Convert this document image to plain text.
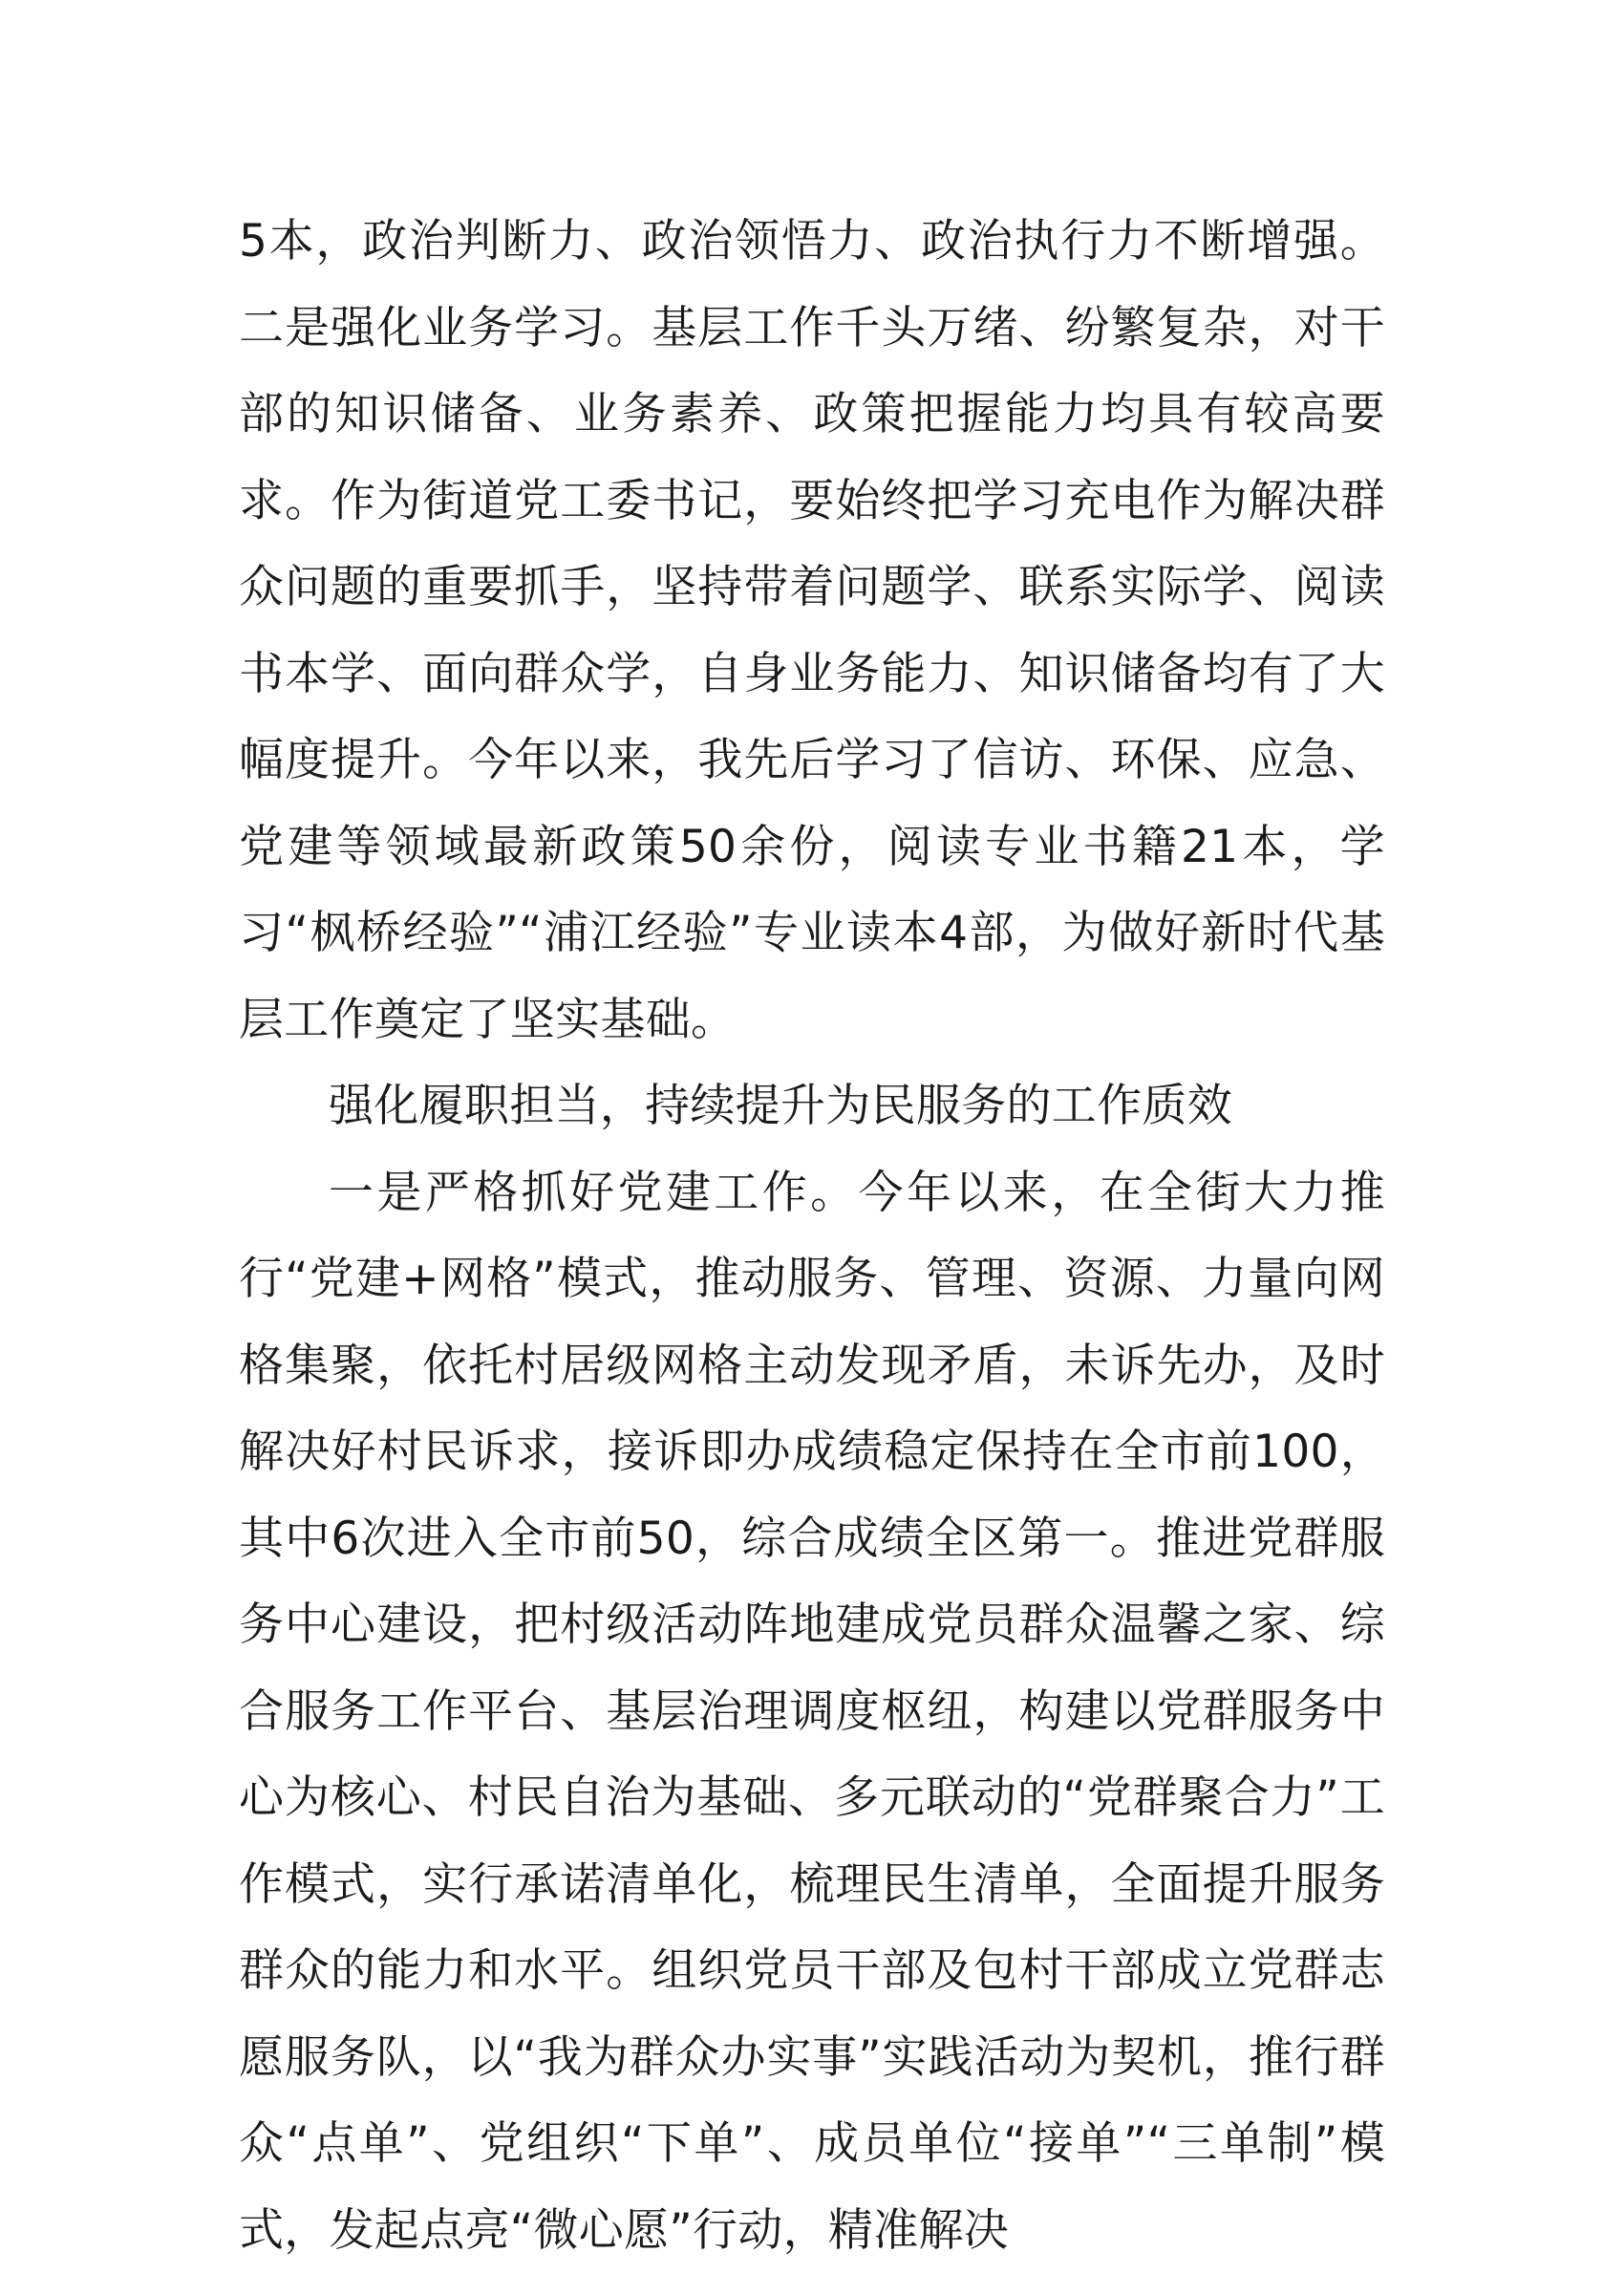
5本，政治判断力、政治领悟力、政治执行力不断增强。二是强化业务学习。基层工作千头万绪、纷繁复杂，对干部的知识储备、业务素养、政策把握能力均具有较高要求。作为街道党工委书记，要始终把学习充电作为解决群众问题的重要抓手，坚持带着问题学、联系实际学、阅读书本学、面向群众学，自身业务能力、知识储备均有了大幅度提升。今年以来，我先后学习了信访、环保、应急、党建等领域最新政策50余份，阅读专业书籍21本，学习“枫桥经验”“浦江经验”专业读本4部，为做好新时代基层工作奠定了坚实基础。

强化履职担当，持续提升为民服务的工作质效

一是严格抓好党建工作。今年以来，在全街大力推行“党建+网格”模式，推动服务、管理、资源、力量向网格集聚，依托村居级网格主动发现矛盾，未诉先办，及时解决好村民诉求，接诉即办成绩稳定保持在全市前100，其中6次进入全市前50，综合成绩全区第一。推进党群服务中心建设，把村级活动阵地建成党员群众温馨之家、综合服务工作平台、基层治理调度枢纽，构建以党群服务中心为核心、村民自治为基础、多元联动的“党群聚合力”工作模式，实行承诺清单化，梳理民生清单，全面提升服务群众的能力和水平。组织党员干部及包村干部成立党群志愿服务队，以“我为群众办实事”实践活动为契机，推行群众“点单”、党组织“下单”、成员单位“接单”“三单制”模式，发起点亮“微心愿”行动，精准解决
